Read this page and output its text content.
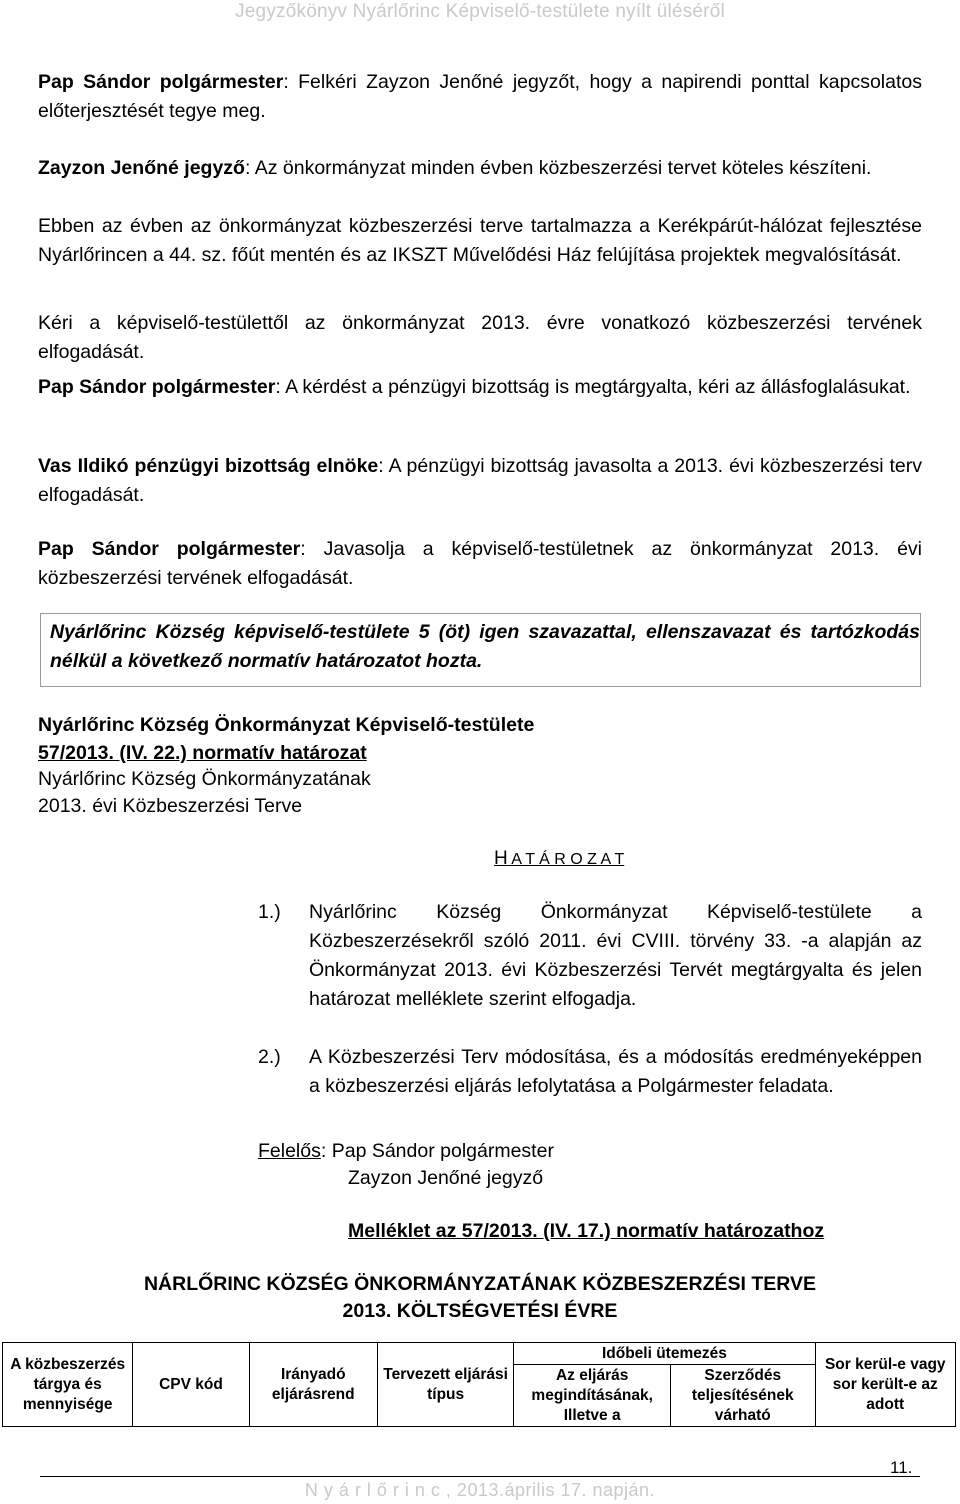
Jegyzőkönyv Nyárlőrinc Képviselő-testülete nyílt üléséről
Pap Sándor polgármester: Felkéri Zayzon Jenőné jegyzőt, hogy a napirendi ponttal kapcsolatos előterjesztését tegye meg.
Zayzon Jenőné jegyző: Az önkormányzat minden évben közbeszerzési tervet köteles készíteni.
Ebben az évben az önkormányzat közbeszerzési terve tartalmazza a Kerékpárút-hálózat fejlesztése Nyárlőrincen a 44. sz. főút mentén és az IKSZT Művelődési Ház felújítása projektek megvalósítását.
Kéri a képviselő-testülettől az önkormányzat 2013. évre vonatkozó közbeszerzési tervének elfogadását.
Pap Sándor polgármester: A kérdést a pénzügyi bizottság is megtárgyalta, kéri az állásfoglalásukat.
Vas Ildikó pénzügyi bizottság elnöke: A pénzügyi bizottság javasolta a 2013. évi közbeszerzési terv elfogadását.
Pap Sándor polgármester: Javasolja a képviselő-testületnek az önkormányzat 2013. évi közbeszerzési tervének elfogadását.
Nyárlőrinc Község képviselő-testülete 5 (öt) igen szavazattal, ellenszavazat és tartózkodás nélkül a következő normatív határozatot hozta.
Nyárlőrinc Község Önkormányzat Képviselő-testülete
57/2013. (IV. 22.) normatív határozat
Nyárlőrinc Község Önkormányzatának
2013. évi Közbeszerzési Terve
H A T Á R O Z A T
1.) Nyárlőrinc Község Önkormányzat Képviselő-testülete a Közbeszerzésekről szóló 2011. évi CVIII. törvény 33. -a alapján az Önkormányzat 2013. évi Közbeszerzési Tervét megtárgyalta és jelen határozat melléklete szerint elfogadja.
2.) A Közbeszerzési Terv módosítása, és a módosítás eredményeképpen a közbeszerzési eljárás lefolytatása a Polgármester feladata.
Felelős: Pap Sándor polgármester
Zayzon Jenőné jegyző
Melléklet az 57/2013. (IV. 17.) normatív határozathoz
NÁRLŐRINC KÖZSÉG ÖNKORMÁNYZATÁNAK KÖZBESZERZÉSI TERVE
2013. KÖLTSÉGVETÉSI ÉVRE
A közbeszerzés tárgya és mennyisége	CPV kód	Irányadó eljárásrend	Tervezett eljárási típus	Időbeli ütemezés		Sor kerül-e vagy sor került-e az adott
				Az eljárás megindításának, Illetve a	Szerződés teljesítésének várható	
11.
N y á r l ő r i n c , 2013.április 17. napján.
